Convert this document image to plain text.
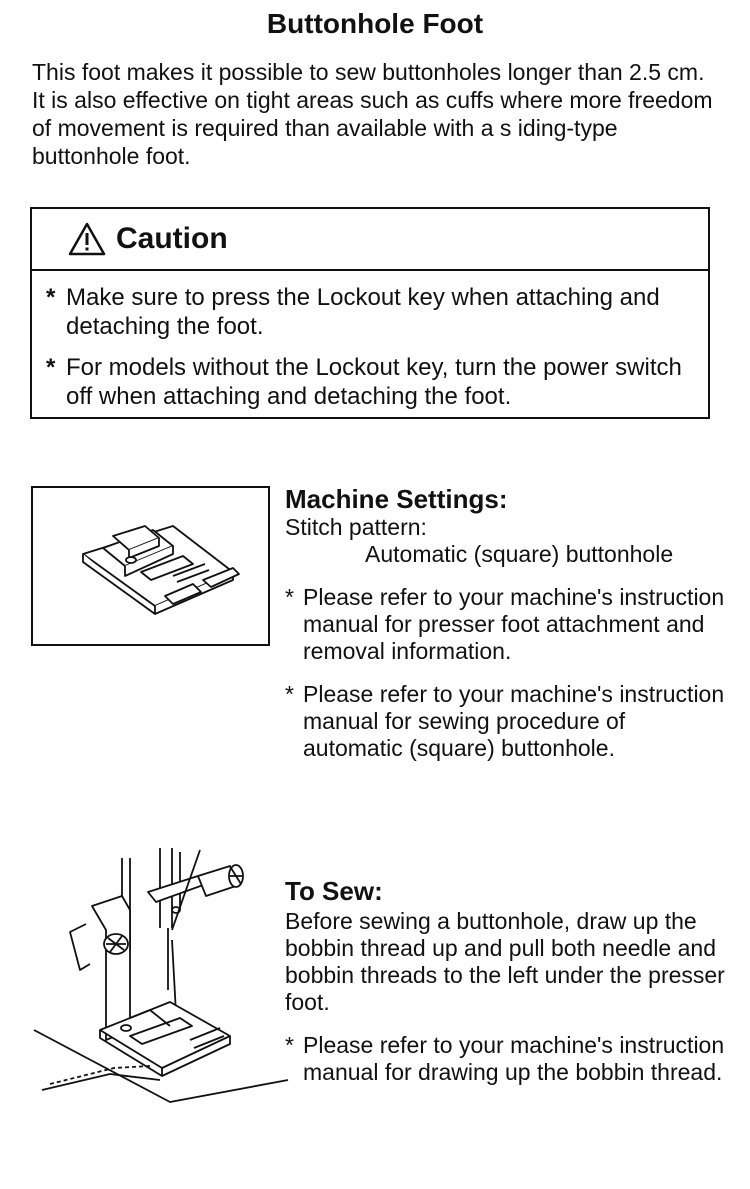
Buttonhole Foot
This foot makes it possible to sew buttonholes longer than 2.5 cm. It is also effective on tight areas such as cuffs where more freedom of movement is required than available with a s iding-type buttonhole foot.
Caution
* Make sure to press the Lockout key when attaching and detaching the foot.
* For models without the Lockout key, turn the power switch off when attaching and detaching the foot.
Machine Settings:
Stitch pattern:
Automatic (square) buttonhole
* Please refer to your machine's instruction manual for presser foot attachment and removal information.
* Please refer to your machine's instruction manual for sewing procedure of automatic (square) buttonhole.
To Sew:
Before sewing a buttonhole, draw up the bobbin thread up and pull both needle and bobbin threads to the left under the presser foot.
* Please refer to your machine's instruction manual for drawing up the bobbin thread.
